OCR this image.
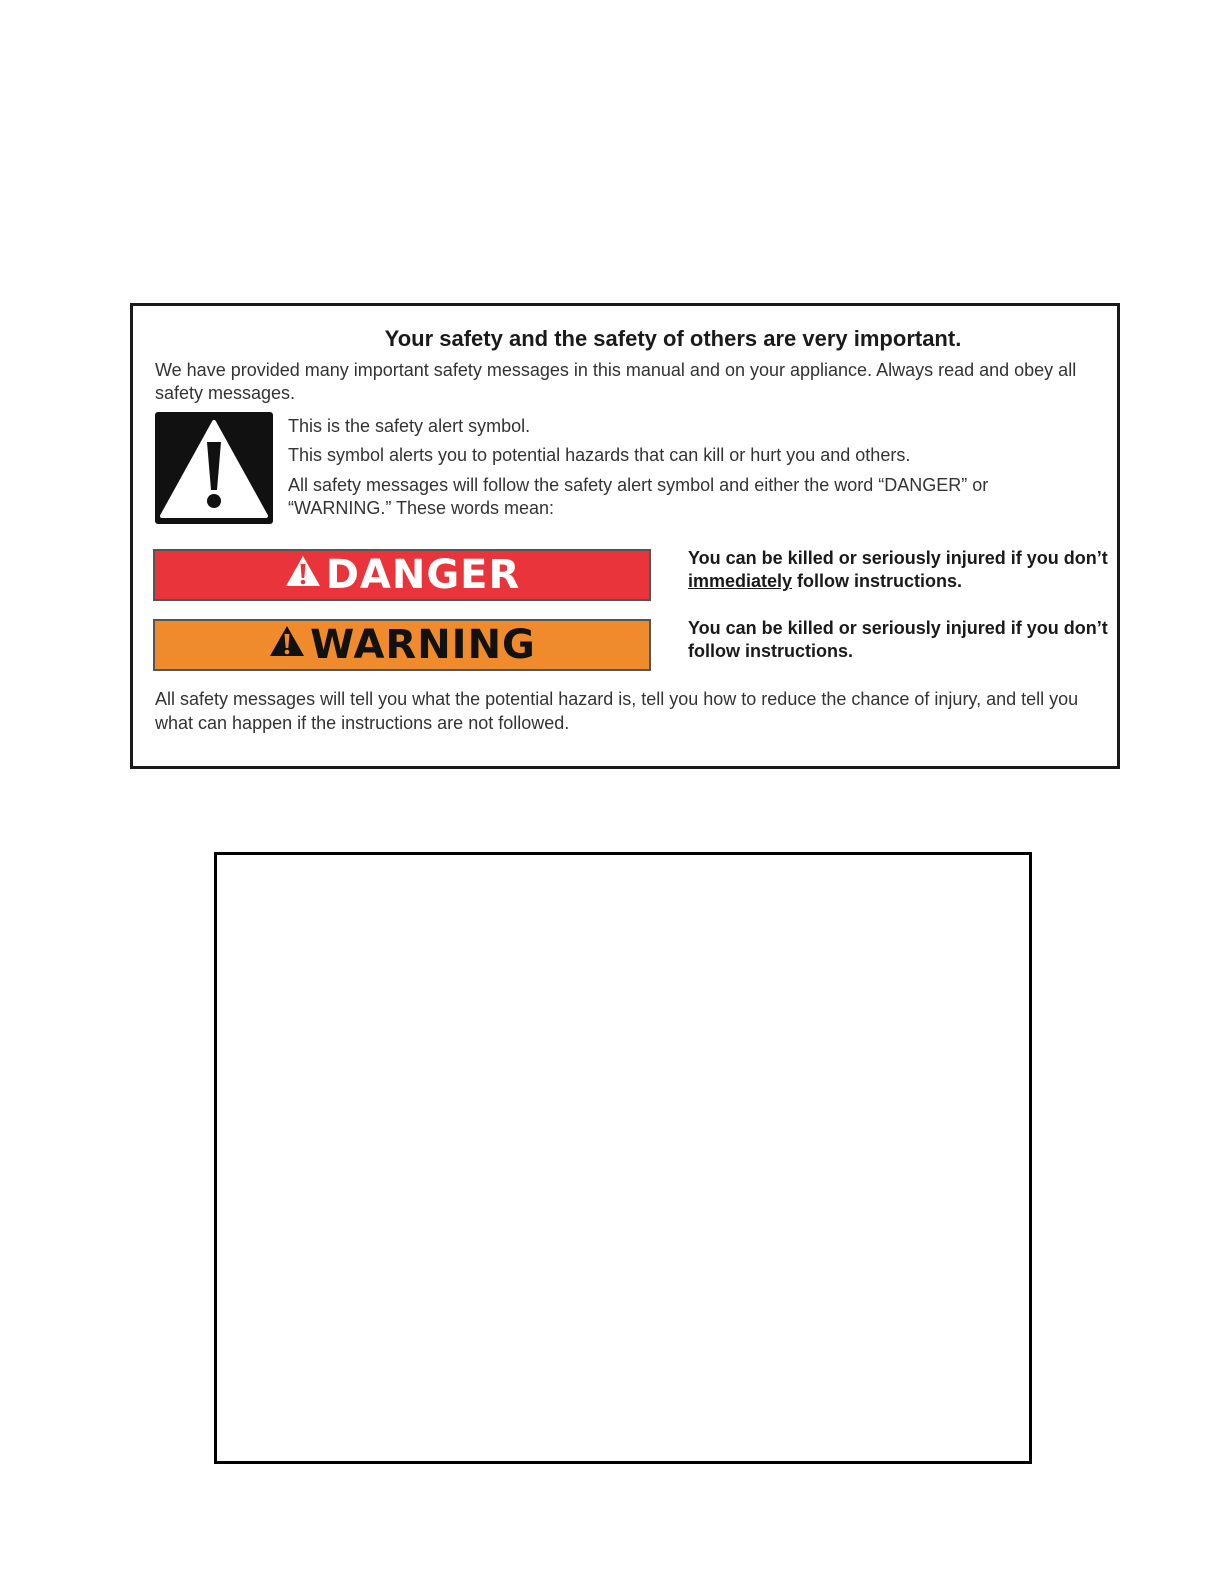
Your safety and the safety of others are very important.
We have provided many important safety messages in this manual and on your appliance. Always read and obey all safety messages.
This is the safety alert symbol.
This symbol alerts you to potential hazards that can kill or hurt you and others.
All safety messages will follow the safety alert symbol and either the word “DANGER” or “WARNING.” These words mean:
DANGER	You can be killed or seriously injured if you don’t immediately follow instructions.
WARNING	You can be killed or seriously injured if you don’t follow instructions.
All safety messages will tell you what the potential hazard is, tell you how to reduce the chance of injury, and tell you what can happen if the instructions are not followed.
